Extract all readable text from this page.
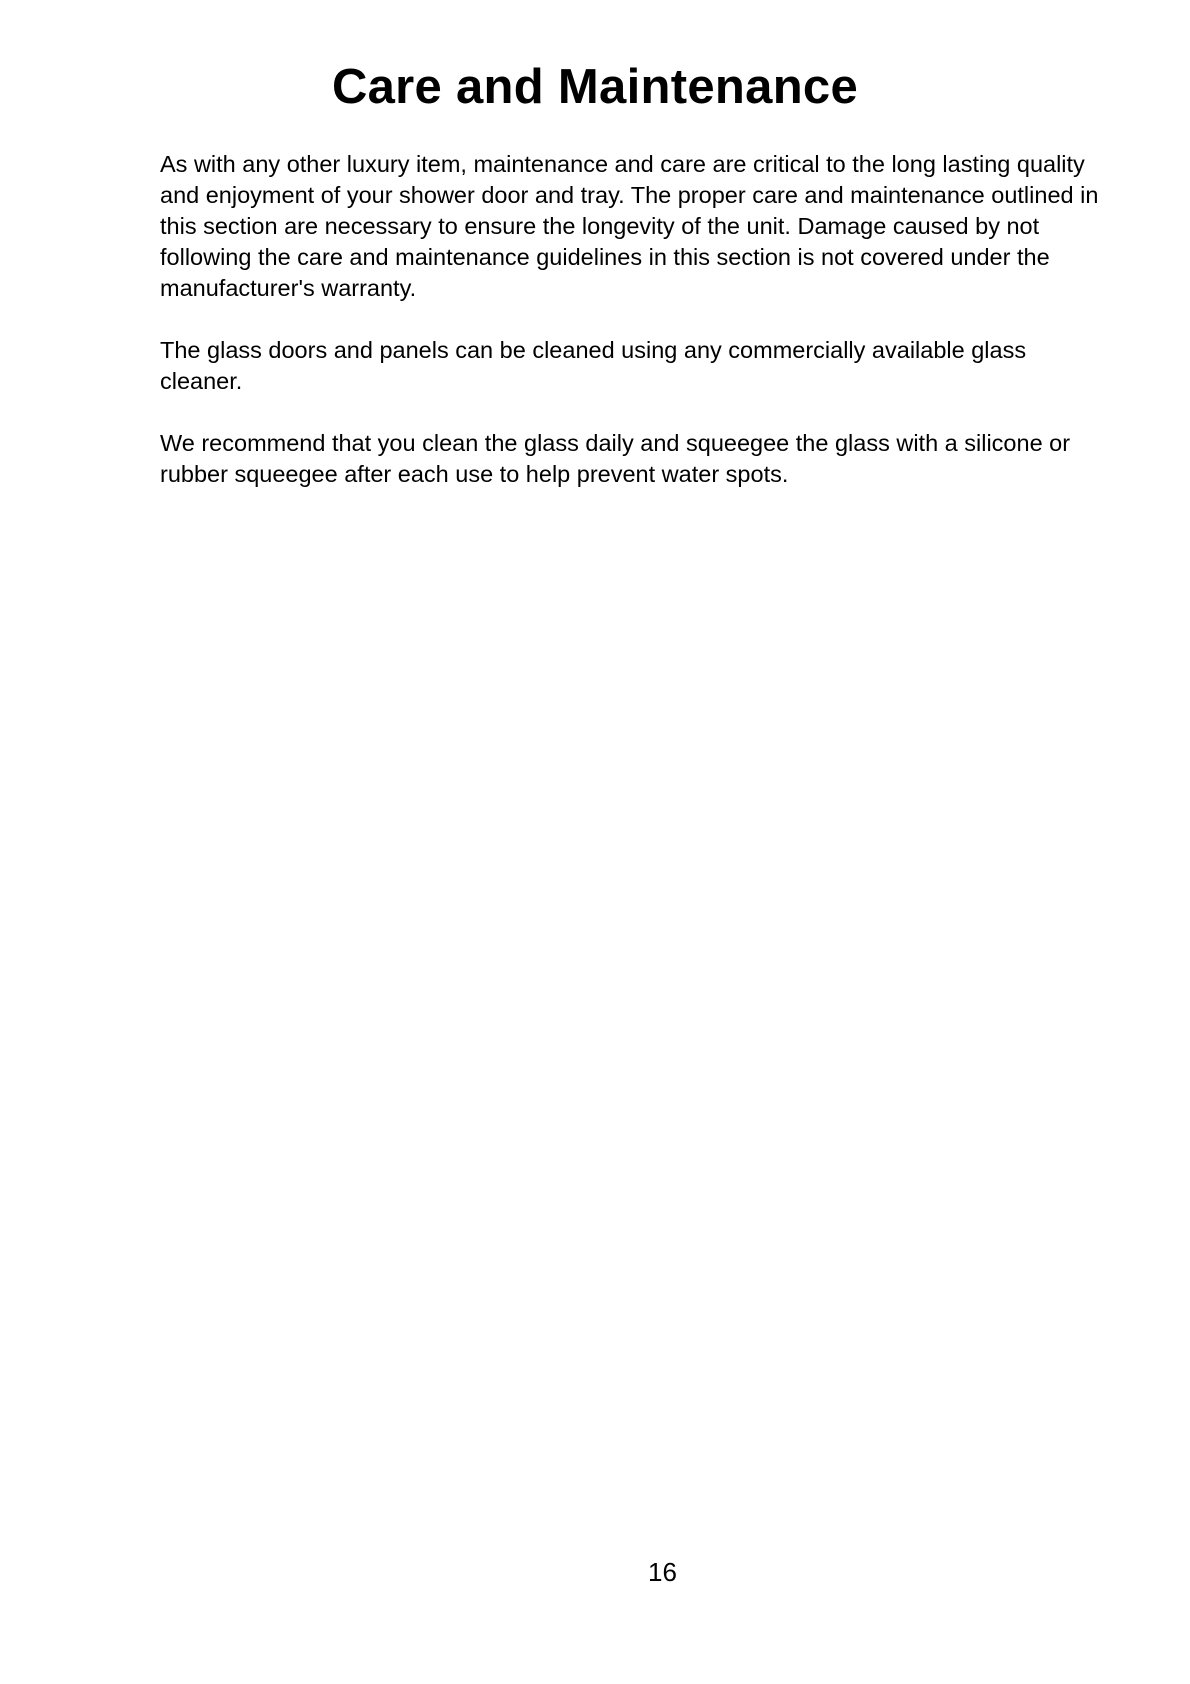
Care and Maintenance

As with any other luxury item, maintenance and care are critical to the long lasting quality and enjoyment of your shower door and tray. The proper care and maintenance outlined in this section are necessary to ensure the longevity of the unit. Damage caused by not following the care and maintenance guidelines in this section is not covered under the manufacturer's warranty.

The glass doors and panels can be cleaned using any commercially available glass cleaner.

We recommend that you clean the glass daily and squeegee the glass with a silicone or rubber squeegee after each use to help prevent water spots.

16
